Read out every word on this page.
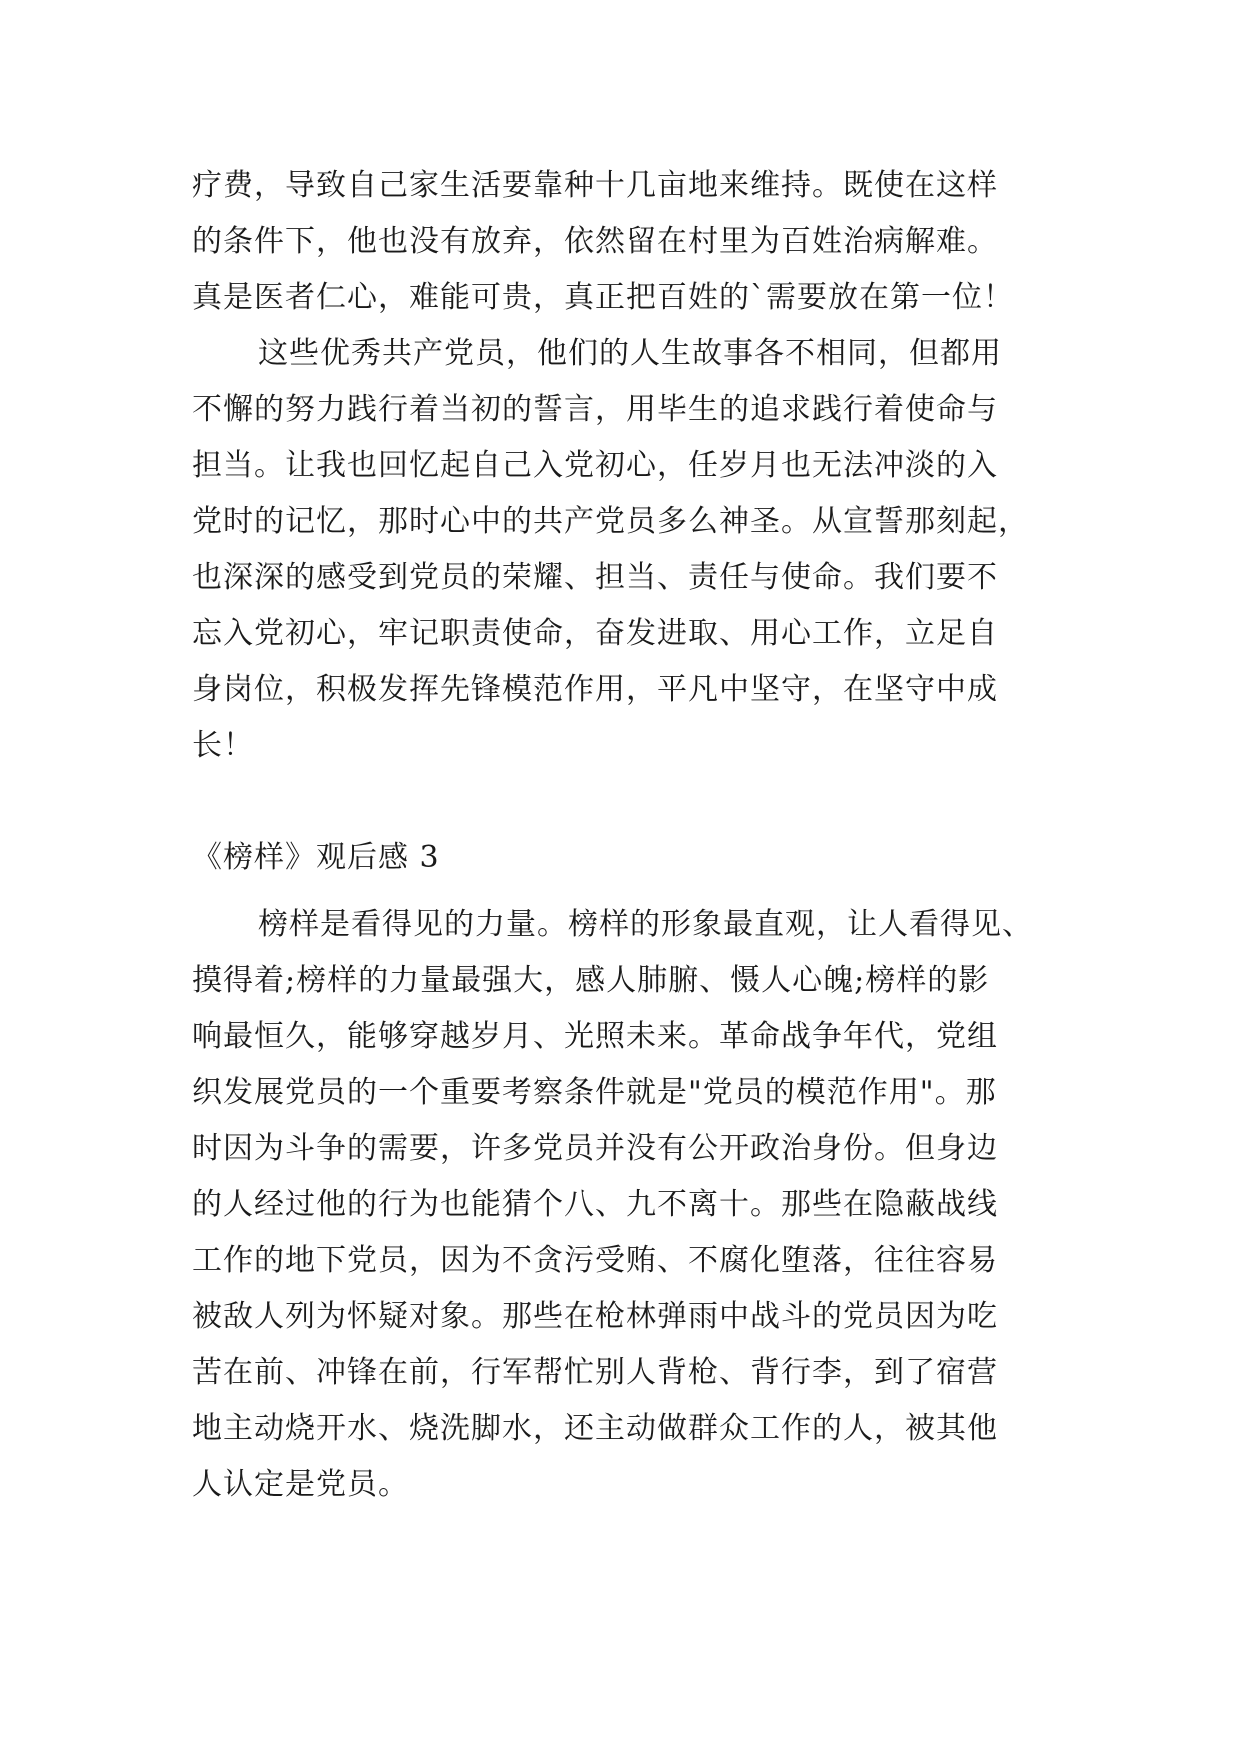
疗费，导致自己家生活要靠种十几亩地来维持。既使在这样
的条件下，他也没有放弃，依然留在村里为百姓治病解难。
真是医者仁心，难能可贵，真正把百姓的`需要放在第一位！
这些优秀共产党员，他们的人生故事各不相同，但都用
不懈的努力践行着当初的誓言，用毕生的追求践行着使命与
担当。让我也回忆起自己入党初心，任岁月也无法冲淡的入
党时的记忆，那时心中的共产党员多么神圣。从宣誓那刻起，
也深深的感受到党员的荣耀、担当、责任与使命。我们要不
忘入党初心，牢记职责使命，奋发进取、用心工作，立足自
身岗位，积极发挥先锋模范作用，平凡中坚守，在坚守中成
长！
《榜样》观后感 3
榜样是看得见的力量。榜样的形象最直观，让人看得见、
摸得着;榜样的力量最强大，感人肺腑、慑人心魄;榜样的影
响最恒久，能够穿越岁月、光照未来。革命战争年代，党组
织发展党员的一个重要考察条件就是"党员的模范作用"。那
时因为斗争的需要，许多党员并没有公开政治身份。但身边
的人经过他的行为也能猜个八、九不离十。那些在隐蔽战线
工作的地下党员，因为不贪污受贿、不腐化堕落，往往容易
被敌人列为怀疑对象。那些在枪林弹雨中战斗的党员因为吃
苦在前、冲锋在前，行军帮忙别人背枪、背行李，到了宿营
地主动烧开水、烧洗脚水，还主动做群众工作的人，被其他
人认定是党员。
